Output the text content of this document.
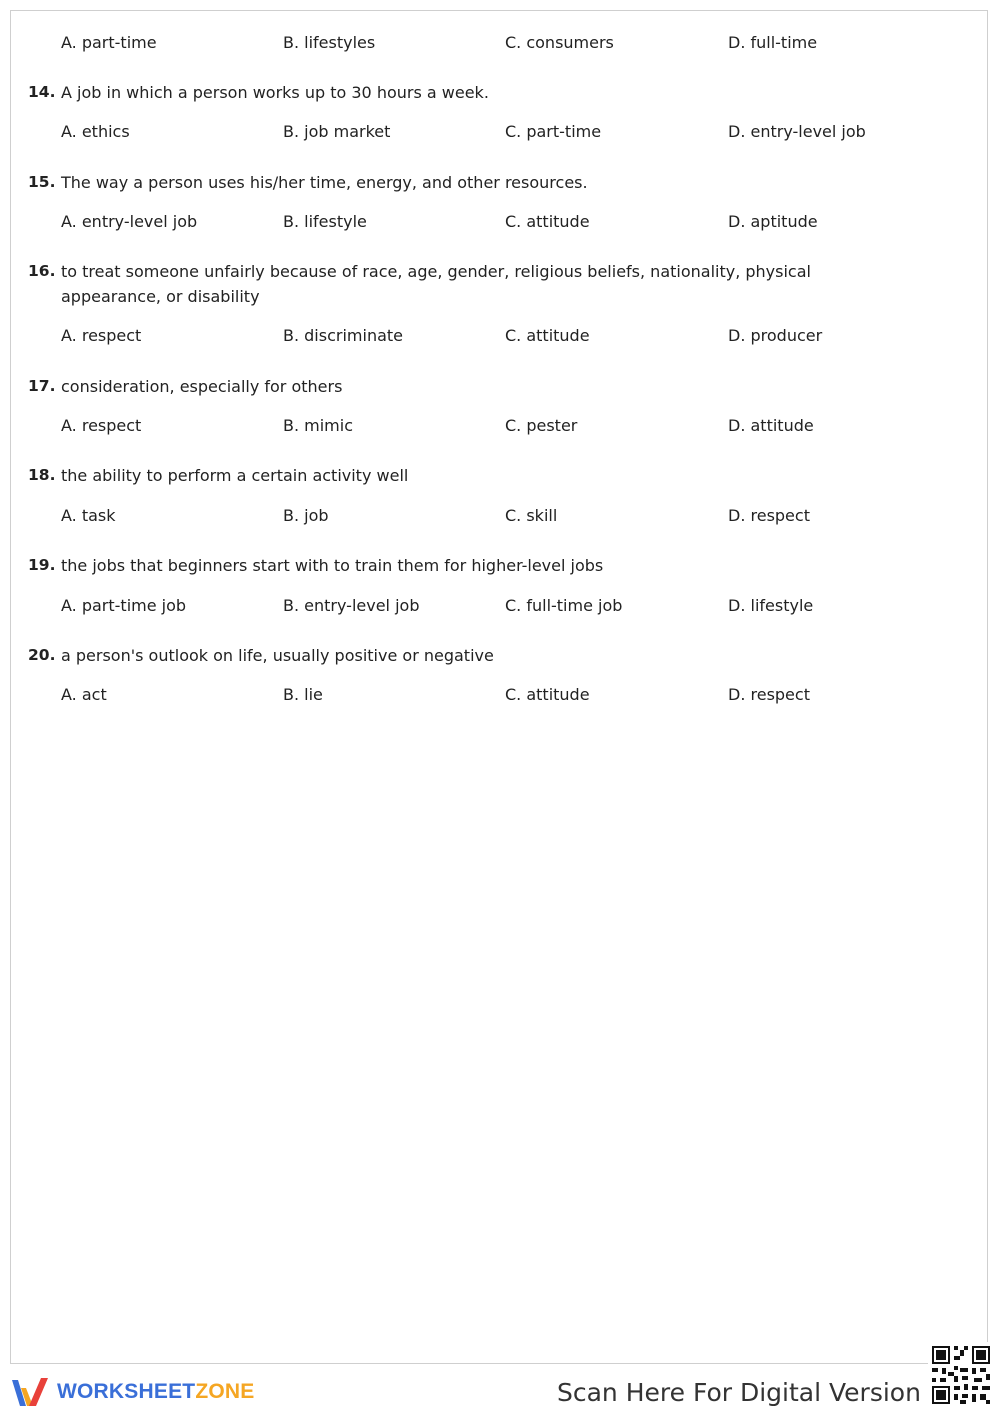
A. part-time	B. lifestyles	C. consumers	D. full-time
14. A job in which a person works up to 30 hours a week.
A. ethics	B. job market	C. part-time	D. entry-level job
15. The way a person uses his/her time, energy, and other resources.
A. entry-level job	B. lifestyle	C. attitude	D. aptitude
16. to treat someone unfairly because of race, age, gender, religious beliefs, nationality, physical appearance, or disability
A. respect	B. discriminate	C. attitude	D. producer
17. consideration, especially for others
A. respect	B. mimic	C. pester	D. attitude
18. the ability to perform a certain activity well
A. task	B. job	C. skill	D. respect
19. the jobs that beginners start with to train them for higher-level jobs
A. part-time job	B. entry-level job	C. full-time job	D. lifestyle
20. a person's outlook on life, usually positive or negative
A. act	B. lie	C. attitude	D. respect
WORKSHEETZONE	Scan Here For Digital Version
